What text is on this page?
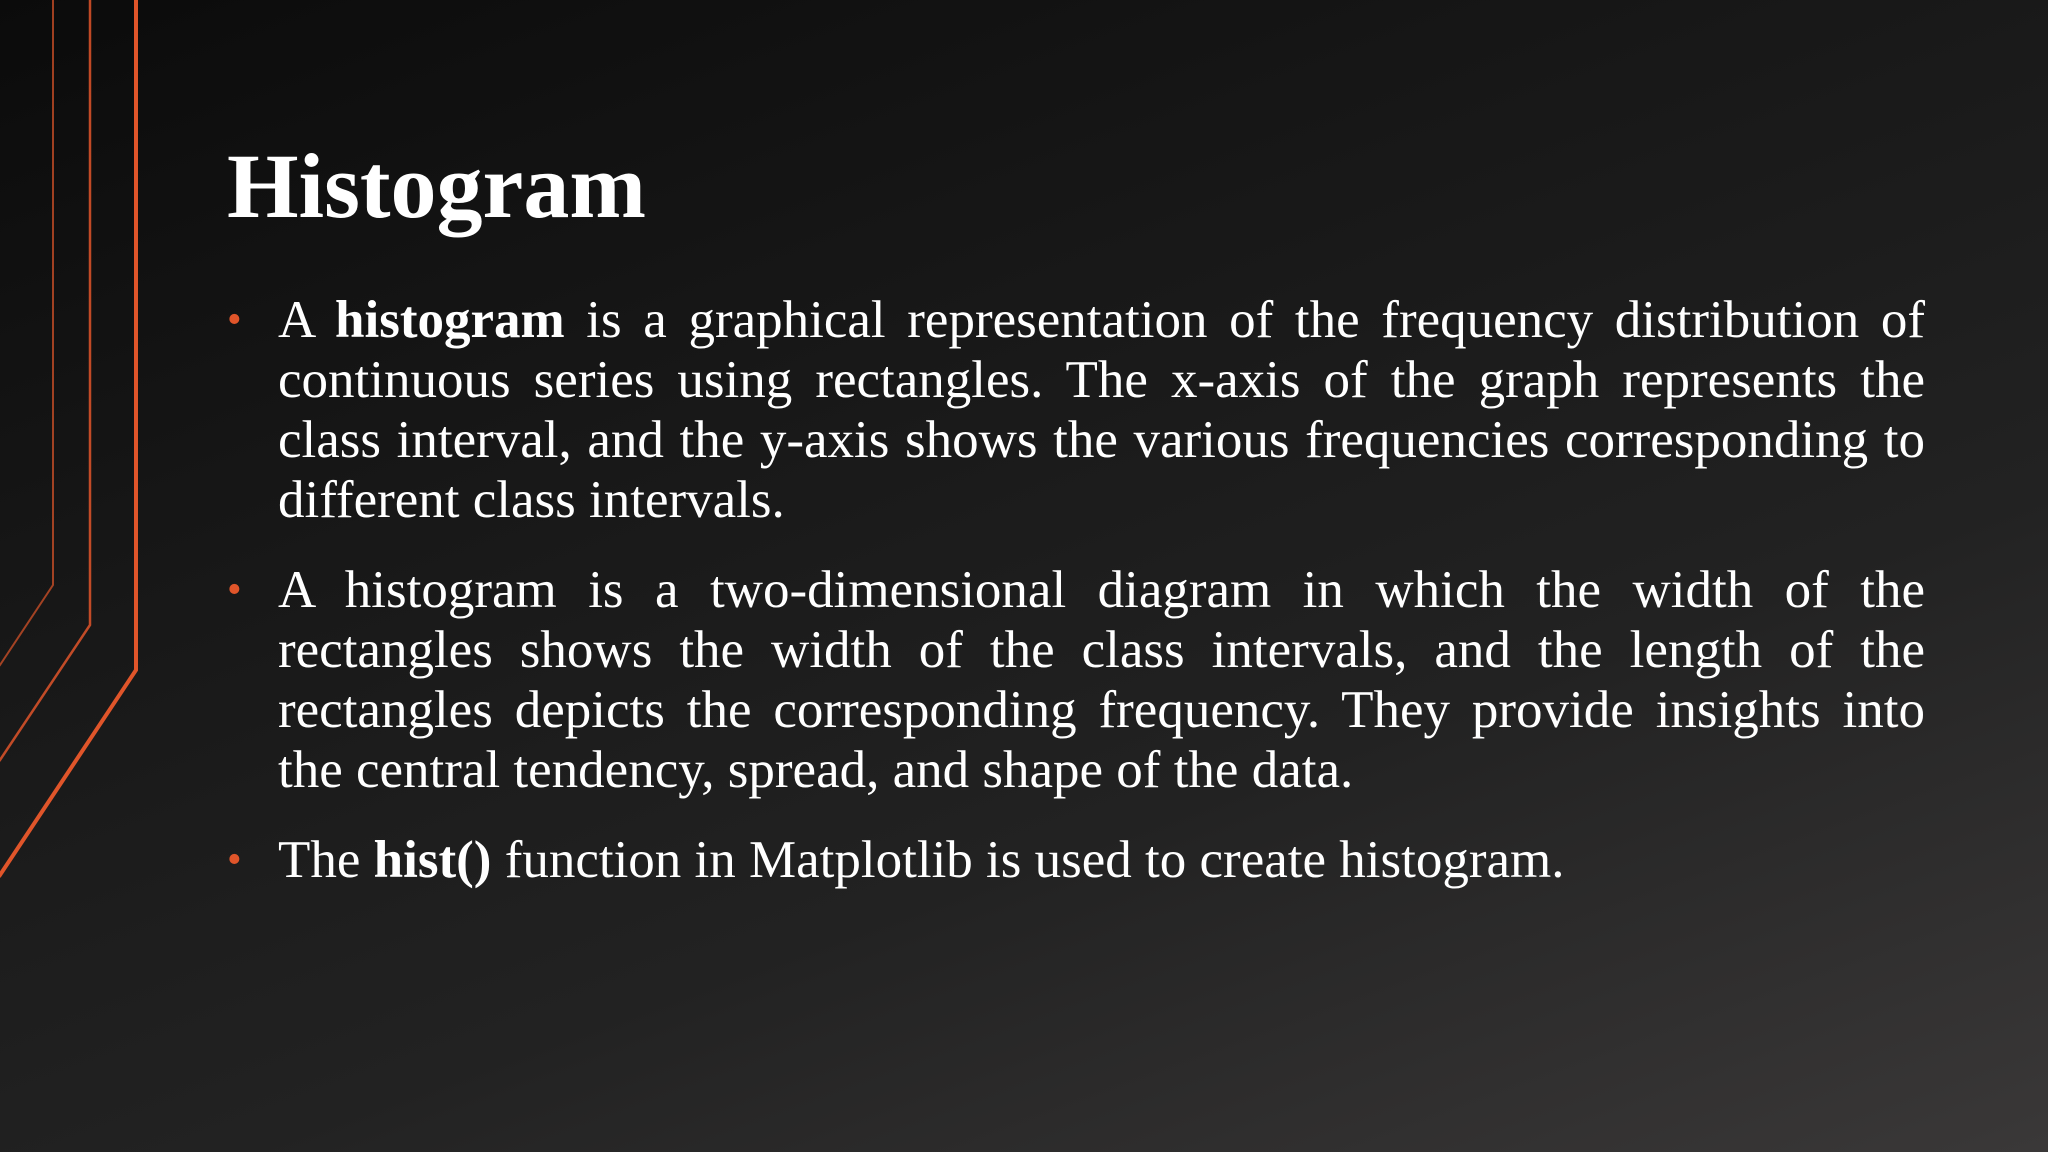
Histogram
• A histogram is a graphical representation of the frequency distribution of continuous series using rectangles. The x-axis of the graph represents the class interval, and the y-axis shows the various frequencies corresponding to different class intervals.
• A histogram is a two-dimensional diagram in which the width of the rectangles shows the width of the class intervals, and the length of the rectangles depicts the corresponding frequency. They provide insights into the central tendency, spread, and shape of the data.
• The hist() function in Matplotlib is used to create histogram.
